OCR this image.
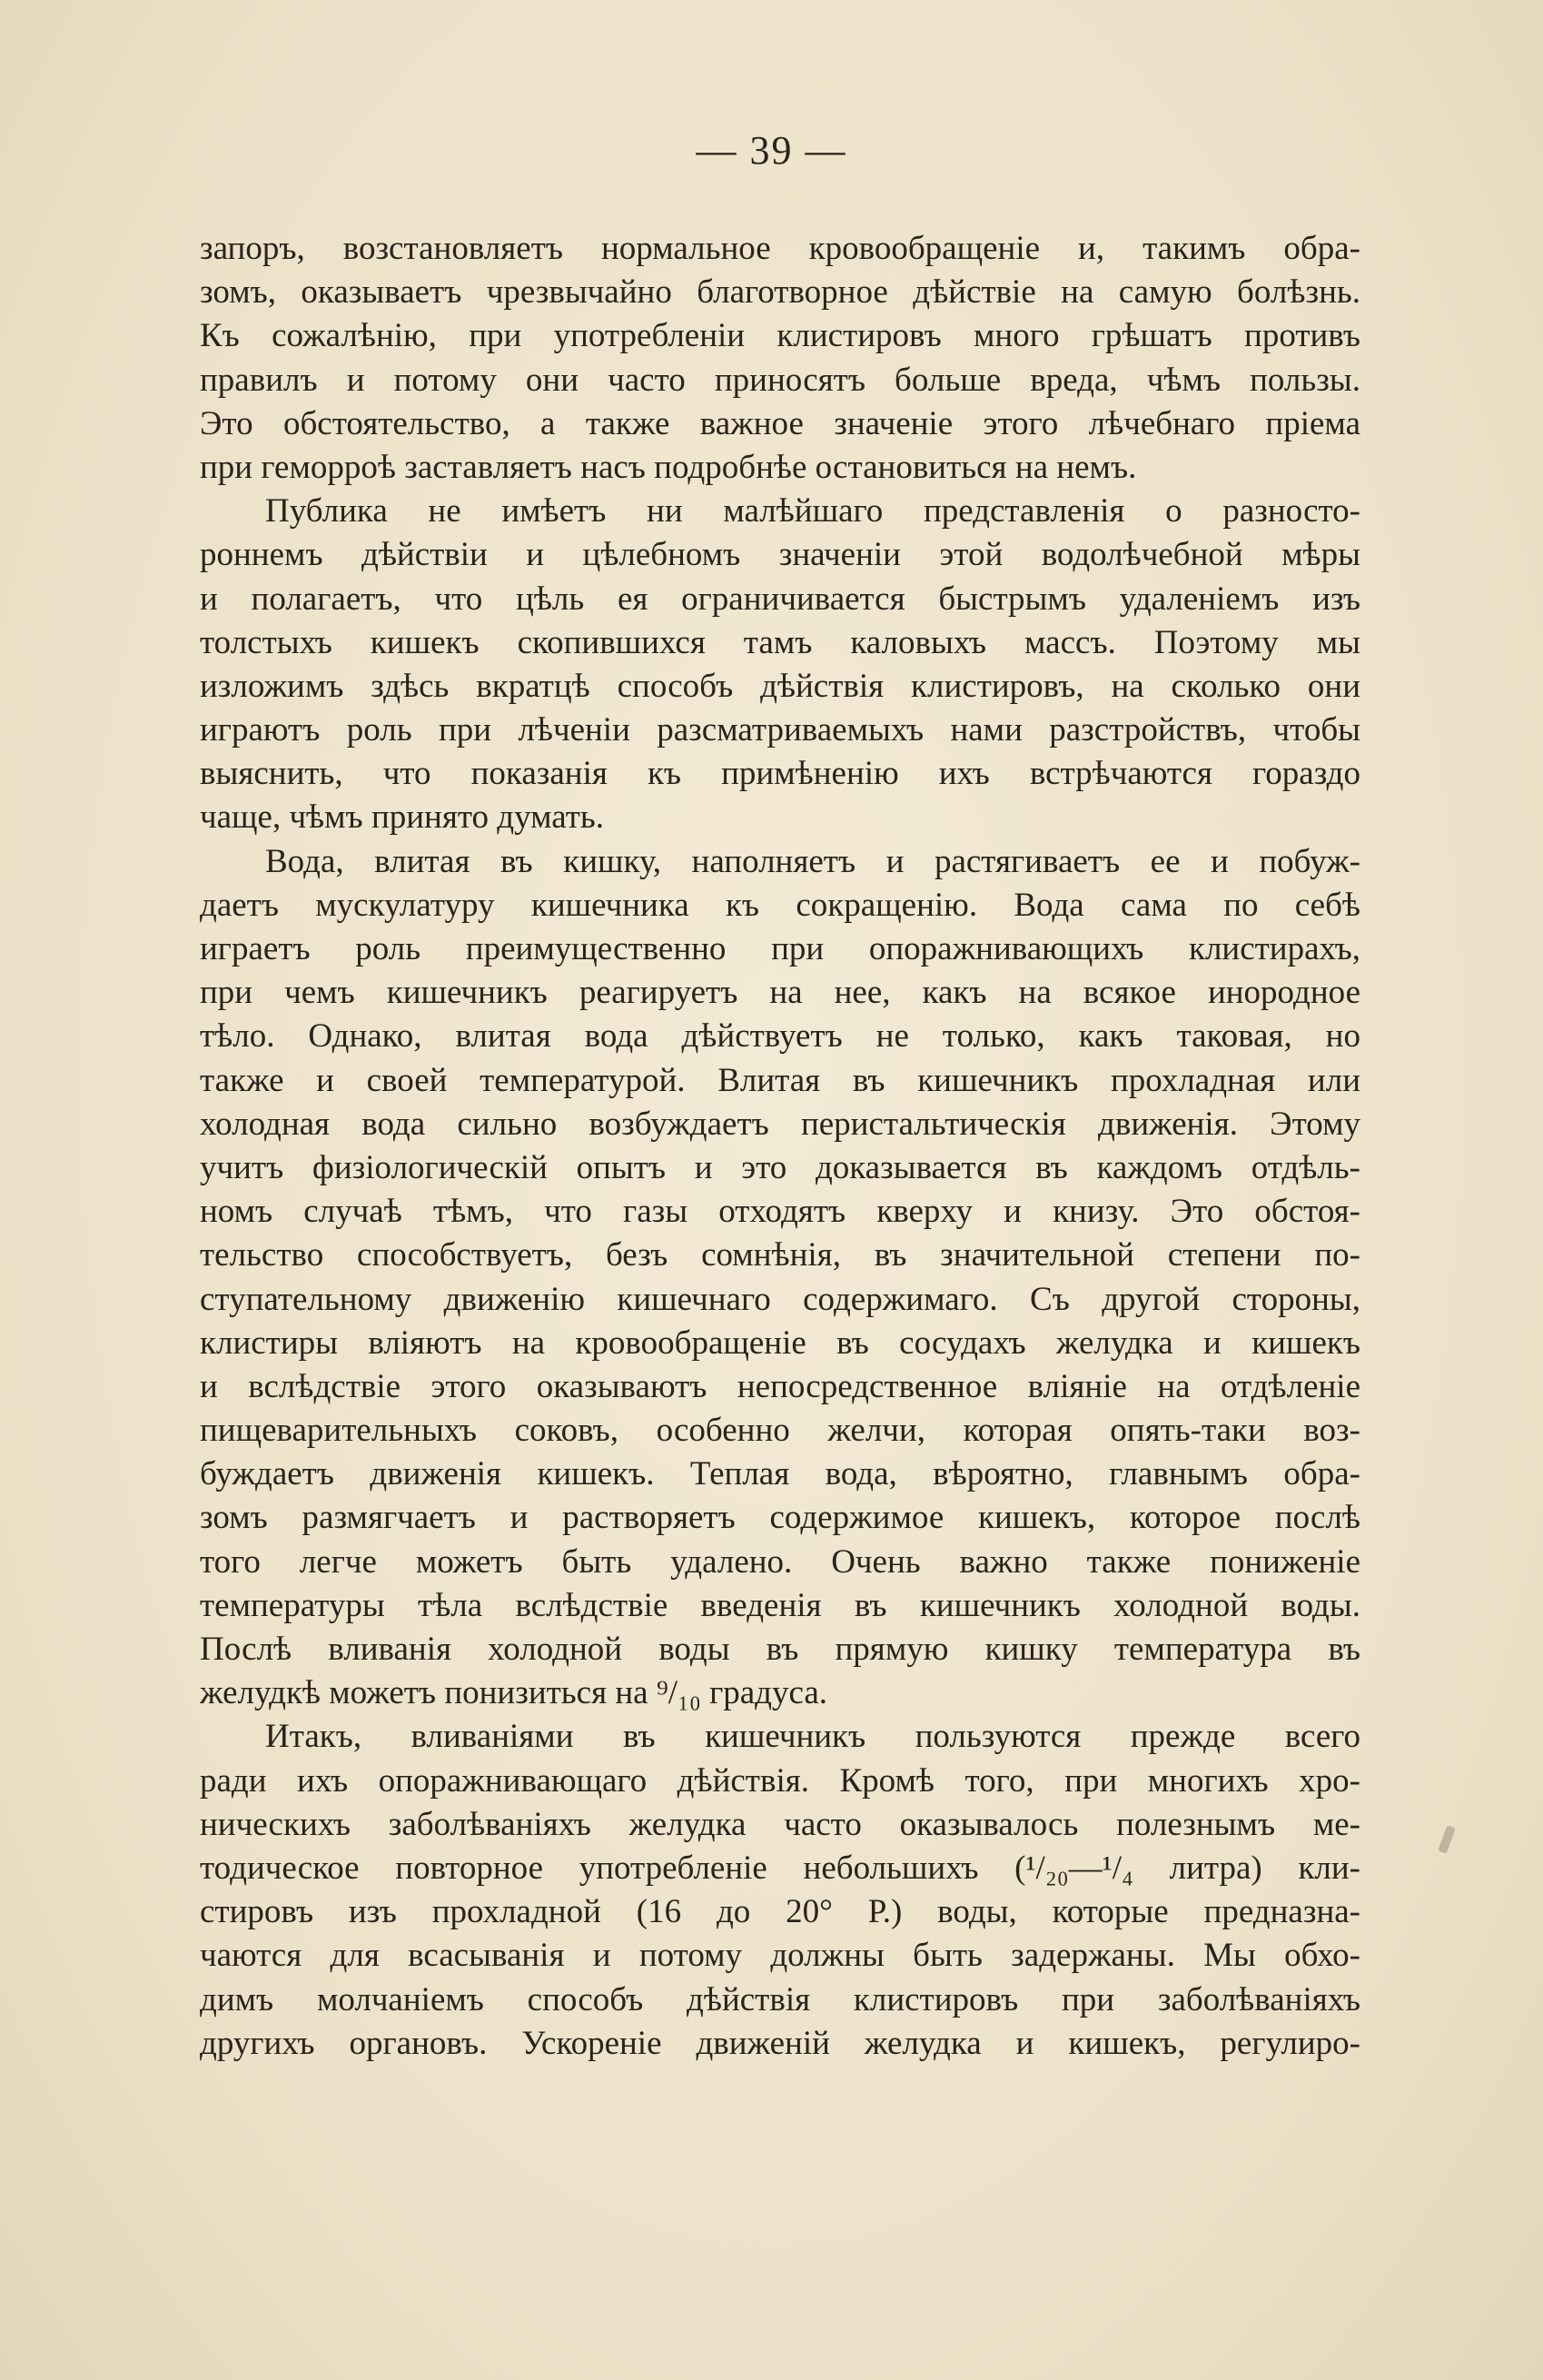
— 39 —
запоръ, возстановляетъ нормальное кровообращеніе и, такимъ обра-
зомъ, оказываетъ чрезвычайно благотворное дѣйствіе на самую болѣзнь.
Къ сожалѣнію, при употребленіи клистировъ много грѣшатъ противъ
правилъ и потому они часто приносятъ больше вреда, чѣмъ пользы.
Это обстоятельство, а также важное значеніе этого лѣчебнаго пріема
при геморроѣ заставляетъ насъ подробнѣе остановиться на немъ.
Публика не имѣетъ ни малѣйшаго представленія о разносто-
роннемъ дѣйствіи и цѣлебномъ значеніи этой водолѣчебной мѣры
и полагаетъ, что цѣль ея ограничивается быстрымъ удаленіемъ изъ
толстыхъ кишекъ скопившихся тамъ каловыхъ массъ. Поэтому мы
изложимъ здѣсь вкратцѣ способъ дѣйствія клистировъ, на сколько они
играютъ роль при лѣченіи разсматриваемыхъ нами разстройствъ, чтобы
выяснить, что показанія къ примѣненію ихъ встрѣчаются гораздо
чаще, чѣмъ принято думать.
Вода, влитая въ кишку, наполняетъ и растягиваетъ ее и побуж-
даетъ мускулатуру кишечника къ сокращенію. Вода сама по себѣ
играетъ роль преимущественно при опоражнивающихъ клистирахъ,
при чемъ кишечникъ реагируетъ на нее, какъ на всякое инородное
тѣло. Однако, влитая вода дѣйствуетъ не только, какъ таковая, но
также и своей температурой. Влитая въ кишечникъ прохладная или
холодная вода сильно возбуждаетъ перистальтическія движенія. Этому
учитъ физіологическій опытъ и это доказывается въ каждомъ отдѣль-
номъ случаѣ тѣмъ, что газы отходятъ кверху и книзу. Это обстоя-
тельство способствуетъ, безъ сомнѣнія, въ значительной степени по-
ступательному движенію кишечнаго содержимаго. Съ другой стороны,
клистиры вліяютъ на кровообращеніе въ сосудахъ желудка и кишекъ
и вслѣдствіе этого оказываютъ непосредственное вліяніе на отдѣленіе
пищеварительныхъ соковъ, особенно желчи, которая опять-таки воз-
буждаетъ движенія кишекъ. Теплая вода, вѣроятно, главнымъ обра-
зомъ размягчаетъ и растворяетъ содержимое кишекъ, которое послѣ
того легче можетъ быть удалено. Очень важно также пониженіе
температуры тѣла вслѣдствіе введенія въ кишечникъ холодной воды.
Послѣ вливанія холодной воды въ прямую кишку температура въ
желудкѣ можетъ понизиться на ⁹/₁₀ градуса.
Итакъ, вливаніями въ кишечникъ пользуются прежде всего
ради ихъ опоражнивающаго дѣйствія. Кромѣ того, при многихъ хро-
ническихъ заболѣваніяхъ желудка часто оказывалось полезнымъ ме-
тодическое повторное употребленіе небольшихъ (¹/₂₀—¹/₄ литра) кли-
стировъ изъ прохладной (16 до 20° Р.) воды, которые предназна-
чаются для всасыванія и потому должны быть задержаны. Мы обхо-
димъ молчаніемъ способъ дѣйствія клистировъ при заболѣваніяхъ
другихъ органовъ. Ускореніе движеній желудка и кишекъ, регулиро-
